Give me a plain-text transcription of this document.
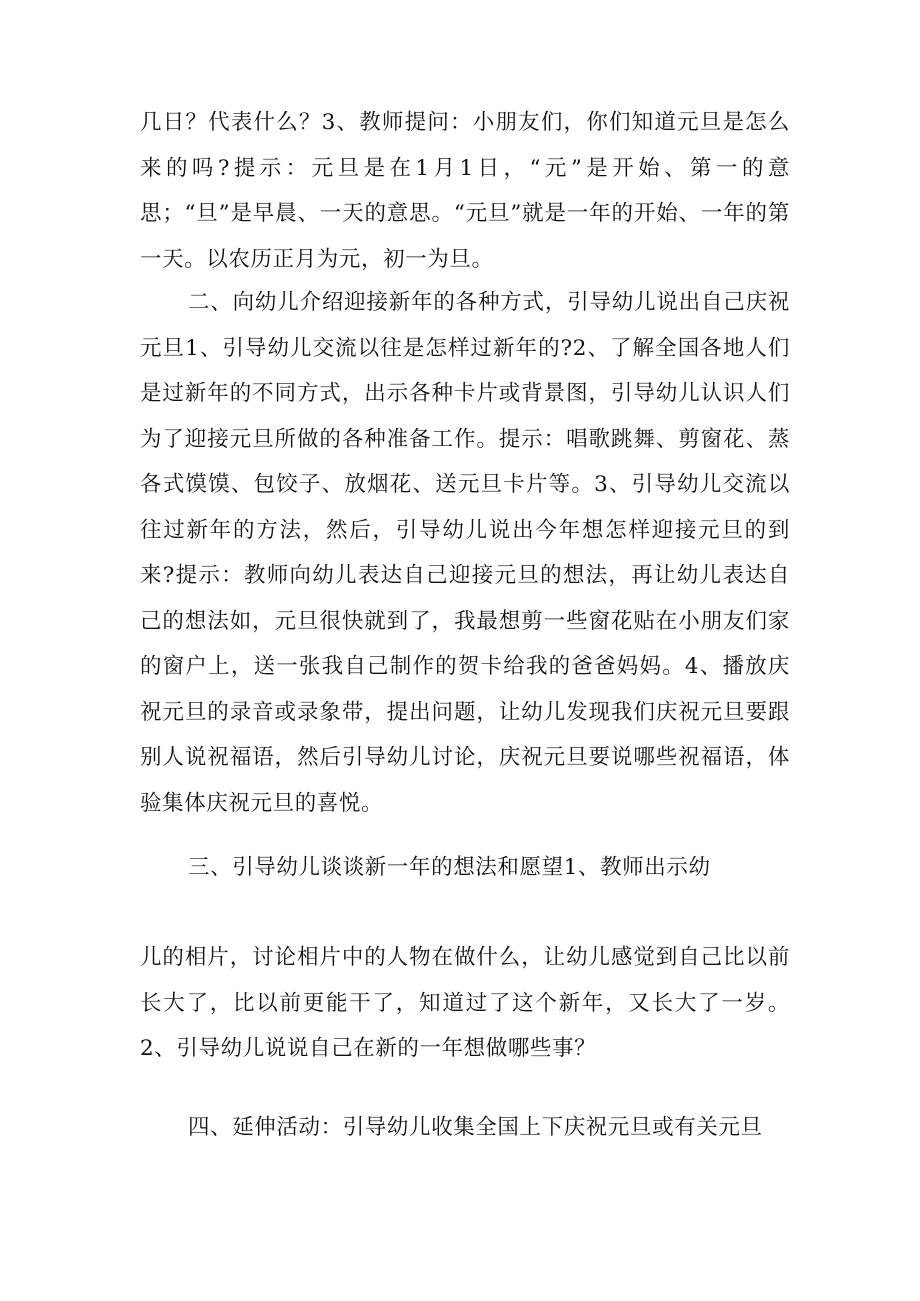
几日？代表什么？3、教师提问：小朋友们，你们知道元旦是怎么来的吗?提示：元旦是在1月1日，“元”是开始、第一的意思；“旦”是早晨、一天的意思。“元旦”就是一年的开始、一年的第一天。以农历正月为元，初一为旦。

二、向幼儿介绍迎接新年的各种方式，引导幼儿说出自己庆祝元旦1、引导幼儿交流以往是怎样过新年的?2、了解全国各地人们是过新年的不同方式，出示各种卡片或背景图，引导幼儿认识人们为了迎接元旦所做的各种准备工作。提示：唱歌跳舞、剪窗花、蒸各式馍馍、包饺子、放烟花、送元旦卡片等。3、引导幼儿交流以往过新年的方法，然后，引导幼儿说出今年想怎样迎接元旦的到来?提示：教师向幼儿表达自己迎接元旦的想法，再让幼儿表达自己的想法如，元旦很快就到了，我最想剪一些窗花贴在小朋友们家的窗户上，送一张我自己制作的贺卡给我的爸爸妈妈。4、播放庆祝元旦的录音或录象带，提出问题，让幼儿发现我们庆祝元旦要跟别人说祝福语，然后引导幼儿讨论，庆祝元旦要说哪些祝福语，体验集体庆祝元旦的喜悦。

三、引导幼儿谈谈新一年的想法和愿望1、教师出示幼

儿的相片，讨论相片中的人物在做什么，让幼儿感觉到自己比以前长大了，比以前更能干了，知道过了这个新年，又长大了一岁。2、引导幼儿说说自己在新的一年想做哪些事？

四、延伸活动：引导幼儿收集全国上下庆祝元旦或有关元旦
